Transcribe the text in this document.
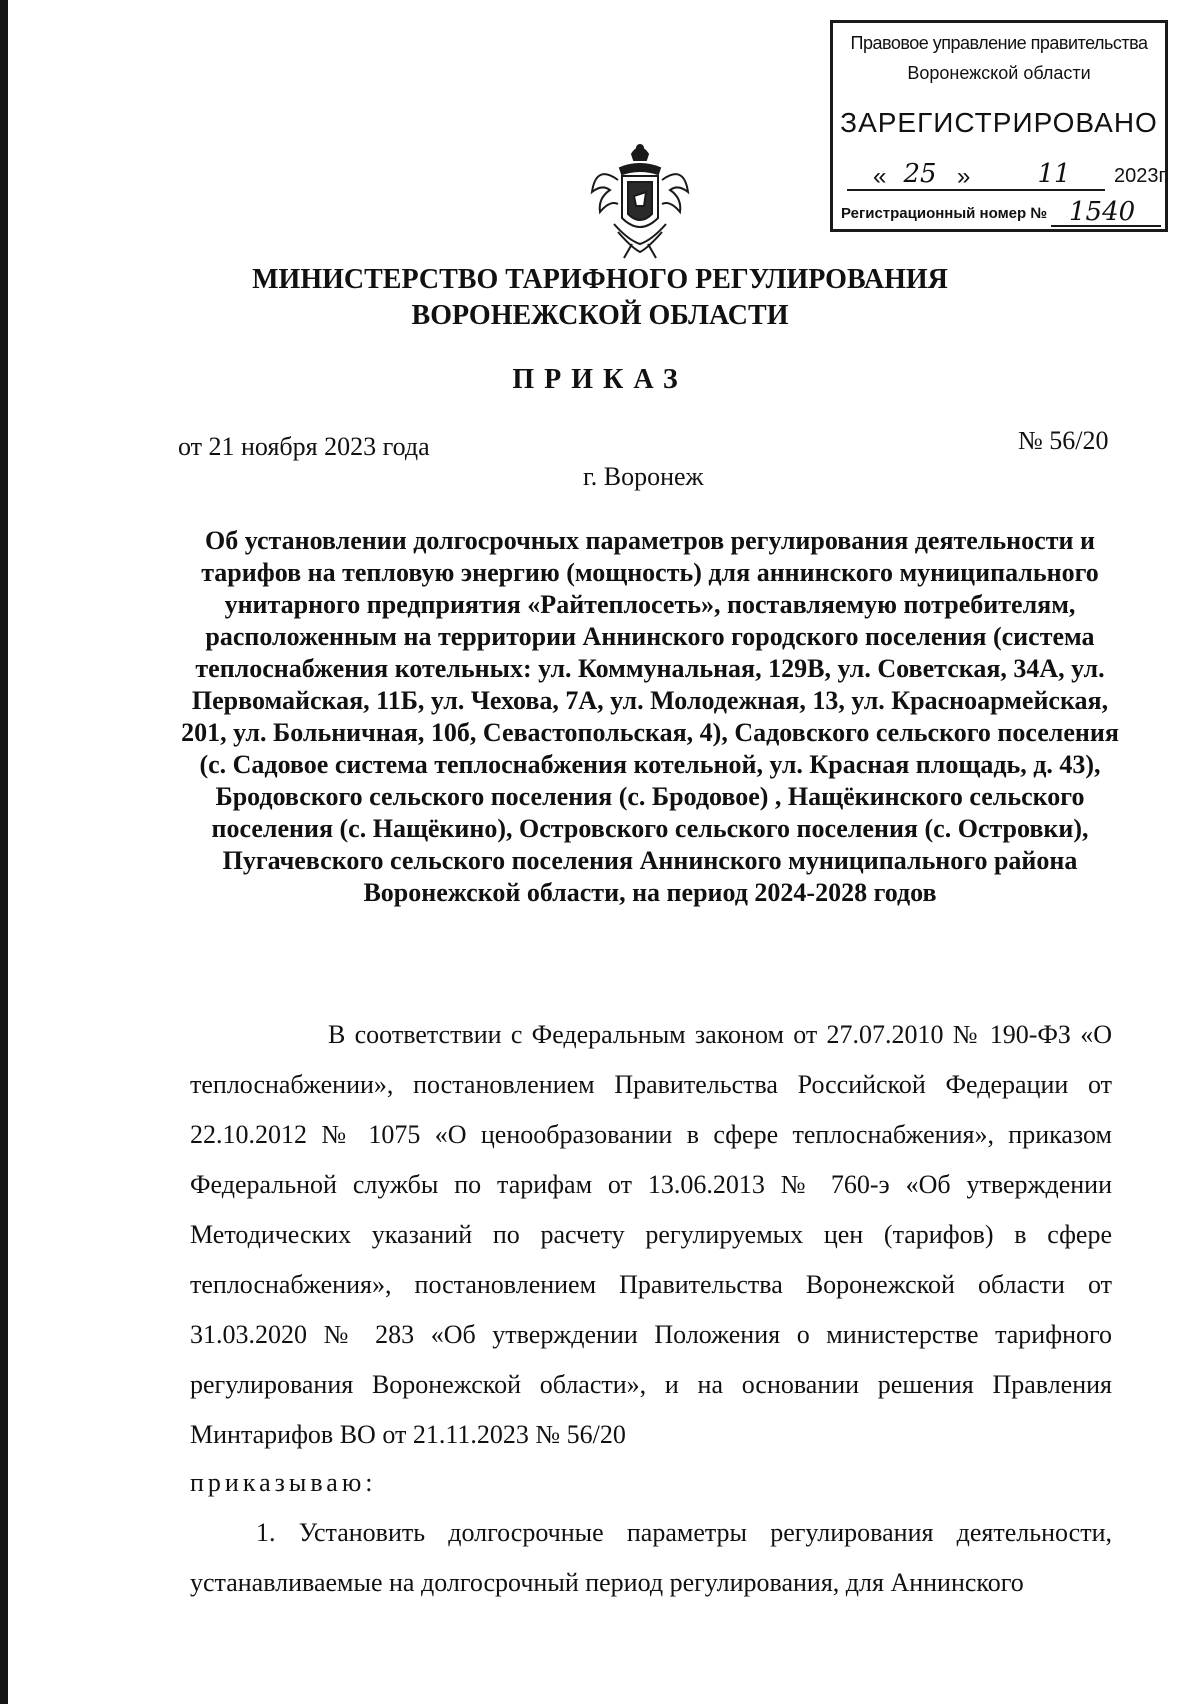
Правовое управление правительства
Воронежской области
ЗАРЕГИСТРИРОВАНО
« 25 »	11	2023г.
Регистрационный номер № 1540
МИНИСТЕРСТВО ТАРИФНОГО РЕГУЛИРОВАНИЯ
ВОРОНЕЖСКОЙ ОБЛАСТИ
ПРИКАЗ
от 21 ноября 2023 года	№ 56/20
г. Воронеж
Об установлении долгосрочных параметров регулирования деятельности и тарифов на тепловую энергию (мощность) для аннинского муниципального унитарного предприятия «Райтеплосеть», поставляемую потребителям, расположенным на территории Аннинского городского поселения (система теплоснабжения котельных: ул. Коммунальная, 129В, ул. Советская, 34А, ул. Первомайская, 11Б, ул. Чехова, 7А, ул. Молодежная, 13, ул. Красноармейская, 201, ул. Больничная, 10б, Севастопольская, 4), Садовского сельского поселения (с. Садовое система теплоснабжения котельной, ул. Красная площадь, д. 43), Бродовского сельского поселения (с. Бродовое) , Нащёкинского сельского поселения (с. Нащёкино), Островского сельского поселения (с. Островки), Пугачевского сельского поселения Аннинского муниципального района Воронежской области, на период 2024-2028 годов
В соответствии с Федеральным законом от 27.07.2010 № 190-ФЗ «О теплоснабжении», постановлением Правительства Российской Федерации от 22.10.2012 № 1075 «О ценообразовании в сфере теплоснабжения», приказом Федеральной службы по тарифам от 13.06.2013 № 760-э «Об утверждении Методических указаний по расчету регулируемых цен (тарифов) в сфере теплоснабжения», постановлением Правительства Воронежской области от 31.03.2020 № 283 «Об утверждении Положения о министерстве тарифного регулирования Воронежской области», и на основании решения Правления Минтарифов ВО от 21.11.2023 № 56/20
приказываю:
1. Установить долгосрочные параметры регулирования деятельности, устанавливаемые на долгосрочный период регулирования, для Аннинского
